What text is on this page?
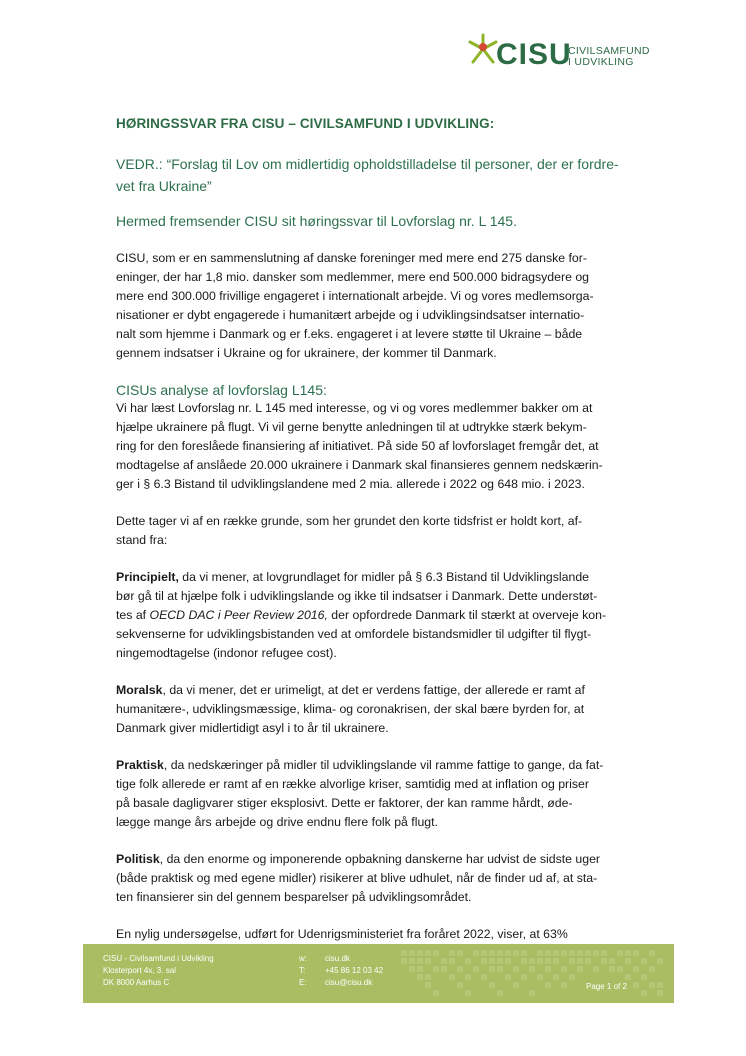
CISU
CIVILSAMFUND
I UDVIKLING
HØRINGSSVAR FRA CISU – CIVILSAMFUND I UDVIKLING:
VEDR.: “Forslag til Lov om midlertidig opholdstilladelse til personer, der er fordre-
vet fra Ukraine”
Hermed fremsender CISU sit høringssvar til Lovforslag nr. L 145.
CISU, som er en sammenslutning af danske foreninger med mere end 275 danske for-
eninger, der har 1,8 mio. dansker som medlemmer, mere end 500.000 bidragsydere og
mere end 300.000 frivillige engageret i internationalt arbejde. Vi og vores medlemsorga-
nisationer er dybt engagerede i humanitært arbejde og i udviklingsindsatser internatio-
nalt som hjemme i Danmark og er f.eks. engageret i at levere støtte til Ukraine – både
gennem indsatser i Ukraine og for ukrainere, der kommer til Danmark.
CISUs analyse af lovforslag L145:
Vi har læst Lovforslag nr. L 145 med interesse, og vi og vores medlemmer bakker om at
hjælpe ukrainere på flugt. Vi vil gerne benytte anledningen til at udtrykke stærk bekym-
ring for den foreslåede finansiering af initiativet. På side 50 af lovforslaget fremgår det, at
modtagelse af anslåede 20.000 ukrainere i Danmark skal finansieres gennem nedskærin-
ger i § 6.3 Bistand til udviklingslandene med 2 mia. allerede i 2022 og 648 mio. i 2023.
Dette tager vi af en række grunde, som her grundet den korte tidsfrist er holdt kort, af-
stand fra:
Principielt, da vi mener, at lovgrundlaget for midler på § 6.3 Bistand til Udviklingslande
bør gå til at hjælpe folk i udviklingslande og ikke til indsatser i Danmark. Dette understøt-
tes af OECD DAC i Peer Review 2016, der opfordrede Danmark til stærkt at overveje kon-
sekvenserne for udviklingsbistanden ved at omfordele bistandsmidler til udgifter til flygt-
ningemodtagelse (indonor refugee cost).
Moralsk, da vi mener, det er urimeligt, at det er verdens fattige, der allerede er ramt af
humanitære-, udviklingsmæssige, klima- og coronakrisen, der skal bære byrden for, at
Danmark giver midlertidigt asyl i to år til ukrainere.
Praktisk, da nedskæringer på midler til udviklingslande vil ramme fattige to gange, da fat-
tige folk allerede er ramt af en række alvorlige kriser, samtidig med at inflation og priser
på basale dagligvarer stiger eksplosivt. Dette er faktorer, der kan ramme hårdt, øde-
lægge mange års arbejde og drive endnu flere folk på flugt.
Politisk, da den enorme og imponerende opbakning danskerne har udvist de sidste uger
(både praktisk og med egene midler) risikerer at blive udhulet, når de finder ud af, at sta-
ten finansierer sin del gennem besparelser på udviklingsområdet.
En nylig undersøgelse, udført for Udenrigsministeriet fra foråret 2022, viser, at 63%
CISU - Civilsamfund i Udvikling
Klosterport 4x, 3. sal
DK 8000 Aarhus C
w: cisu.dk
T: +45 86 12 03 42
E: cisu@cisu.dk	Page 1 of 2
